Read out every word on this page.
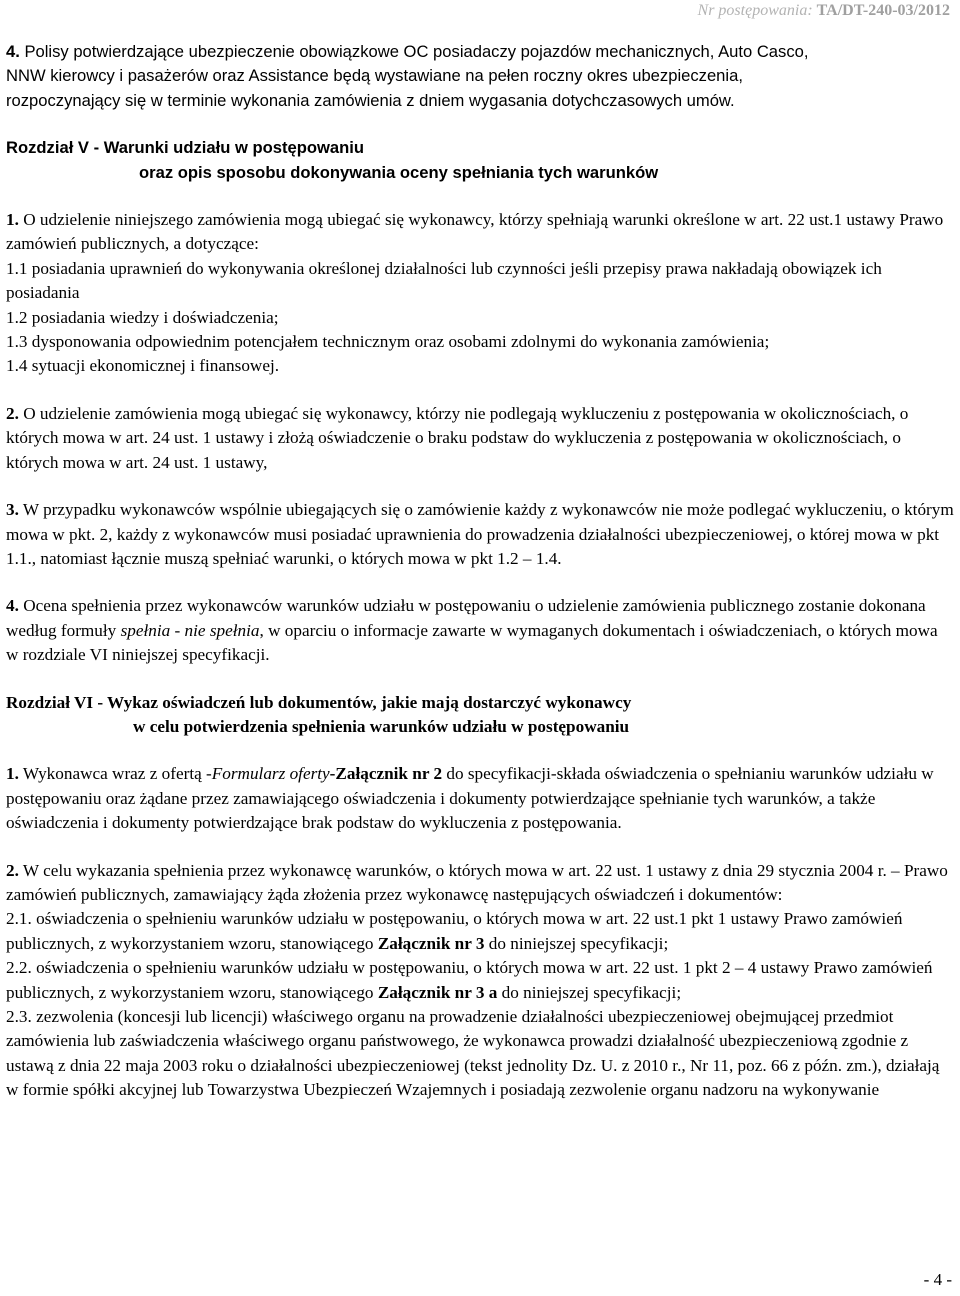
Nr postępowania: TA/DT-240-03/2012

4. Polisy potwierdzające ubezpieczenie obowiązkowe OC posiadaczy pojazdów mechanicznych, Auto Casco,
NNW kierowcy i pasażerów oraz Assistance będą wystawiane na pełen roczny okres ubezpieczenia,
rozpoczynający się w terminie wykonania zamówienia z dniem wygasania dotychczasowych umów.

Rozdział V - Warunki udziału w postępowaniu
oraz opis sposobu dokonywania oceny spełniania tych warunków

1. O udzielenie niniejszego zamówienia mogą ubiegać się wykonawcy, którzy spełniają warunki określone w art. 22 ust.1 ustawy Prawo zamówień publicznych, a dotyczące:

1.1 posiadania uprawnień do wykonywania określonej działalności lub czynności jeśli przepisy prawa nakładają obowiązek ich posiadania

1.2 posiadania wiedzy i doświadczenia;

1.3 dysponowania odpowiednim potencjałem technicznym oraz osobami zdolnymi do wykonania zamówienia;

1.4 sytuacji ekonomicznej i finansowej.

2. O udzielenie zamówienia mogą ubiegać się wykonawcy, którzy nie podlegają wykluczeniu z postępowania w okolicznościach, o których mowa w art. 24 ust. 1 ustawy i złożą oświadczenie o braku podstaw do wykluczenia z postępowania w okolicznościach, o których mowa w art. 24 ust. 1 ustawy,

3. W przypadku wykonawców wspólnie ubiegających się o zamówienie każdy z wykonawców nie może podlegać wykluczeniu, o którym mowa w pkt. 2, każdy z wykonawców musi posiadać uprawnienia do prowadzenia działalności ubezpieczeniowej, o której mowa w pkt 1.1., natomiast łącznie muszą spełniać warunki, o których mowa w pkt 1.2 – 1.4.

4. Ocena spełnienia przez wykonawców warunków udziału w postępowaniu o udzielenie zamówienia publicznego zostanie dokonana według formuły spełnia - nie spełnia, w oparciu o informacje zawarte w wymaganych dokumentach i oświadczeniach, o których mowa w rozdziale VI niniejszej specyfikacji.

Rozdział VI - Wykaz oświadczeń lub dokumentów, jakie mają dostarczyć wykonawcy
w celu potwierdzenia spełnienia warunków udziału w postępowaniu

1. Wykonawca wraz z ofertą -Formularz oferty-Załącznik nr 2 do specyfikacji-składa oświadczenia o spełnianiu warunków udziału w postępowaniu oraz żądane przez zamawiającego oświadczenia i dokumenty potwierdzające spełnianie tych warunków, a także oświadczenia i dokumenty potwierdzające brak podstaw do wykluczenia z postępowania.

2. W celu wykazania spełnienia przez wykonawcę warunków, o których mowa w art. 22 ust. 1 ustawy z dnia 29 stycznia 2004 r. – Prawo zamówień publicznych, zamawiający żąda złożenia przez wykonawcę następujących oświadczeń i dokumentów:

2.1. oświadczenia o spełnieniu warunków udziału w postępowaniu, o których mowa w art. 22 ust.1 pkt 1 ustawy Prawo zamówień publicznych, z wykorzystaniem wzoru, stanowiącego Załącznik nr 3 do niniejszej specyfikacji;

2.2. oświadczenia o spełnieniu warunków udziału w postępowaniu, o których mowa w art. 22 ust. 1 pkt 2 – 4 ustawy Prawo zamówień publicznych, z wykorzystaniem wzoru, stanowiącego Załącznik nr 3 a do niniejszej specyfikacji;

2.3. zezwolenia (koncesji lub licencji) właściwego organu na prowadzenie działalności ubezpieczeniowej obejmującej przedmiot zamówienia lub zaświadczenia właściwego organu państwowego, że wykonawca prowadzi działalność ubezpieczeniową zgodnie z ustawą z dnia 22 maja 2003 roku o działalności ubezpieczeniowej (tekst jednolity Dz. U. z 2010 r., Nr 11, poz. 66 z późn. zm.), działają w formie spółki akcyjnej lub Towarzystwa Ubezpieczeń Wzajemnych i posiadają zezwolenie organu nadzoru na wykonywanie

- 4 -
